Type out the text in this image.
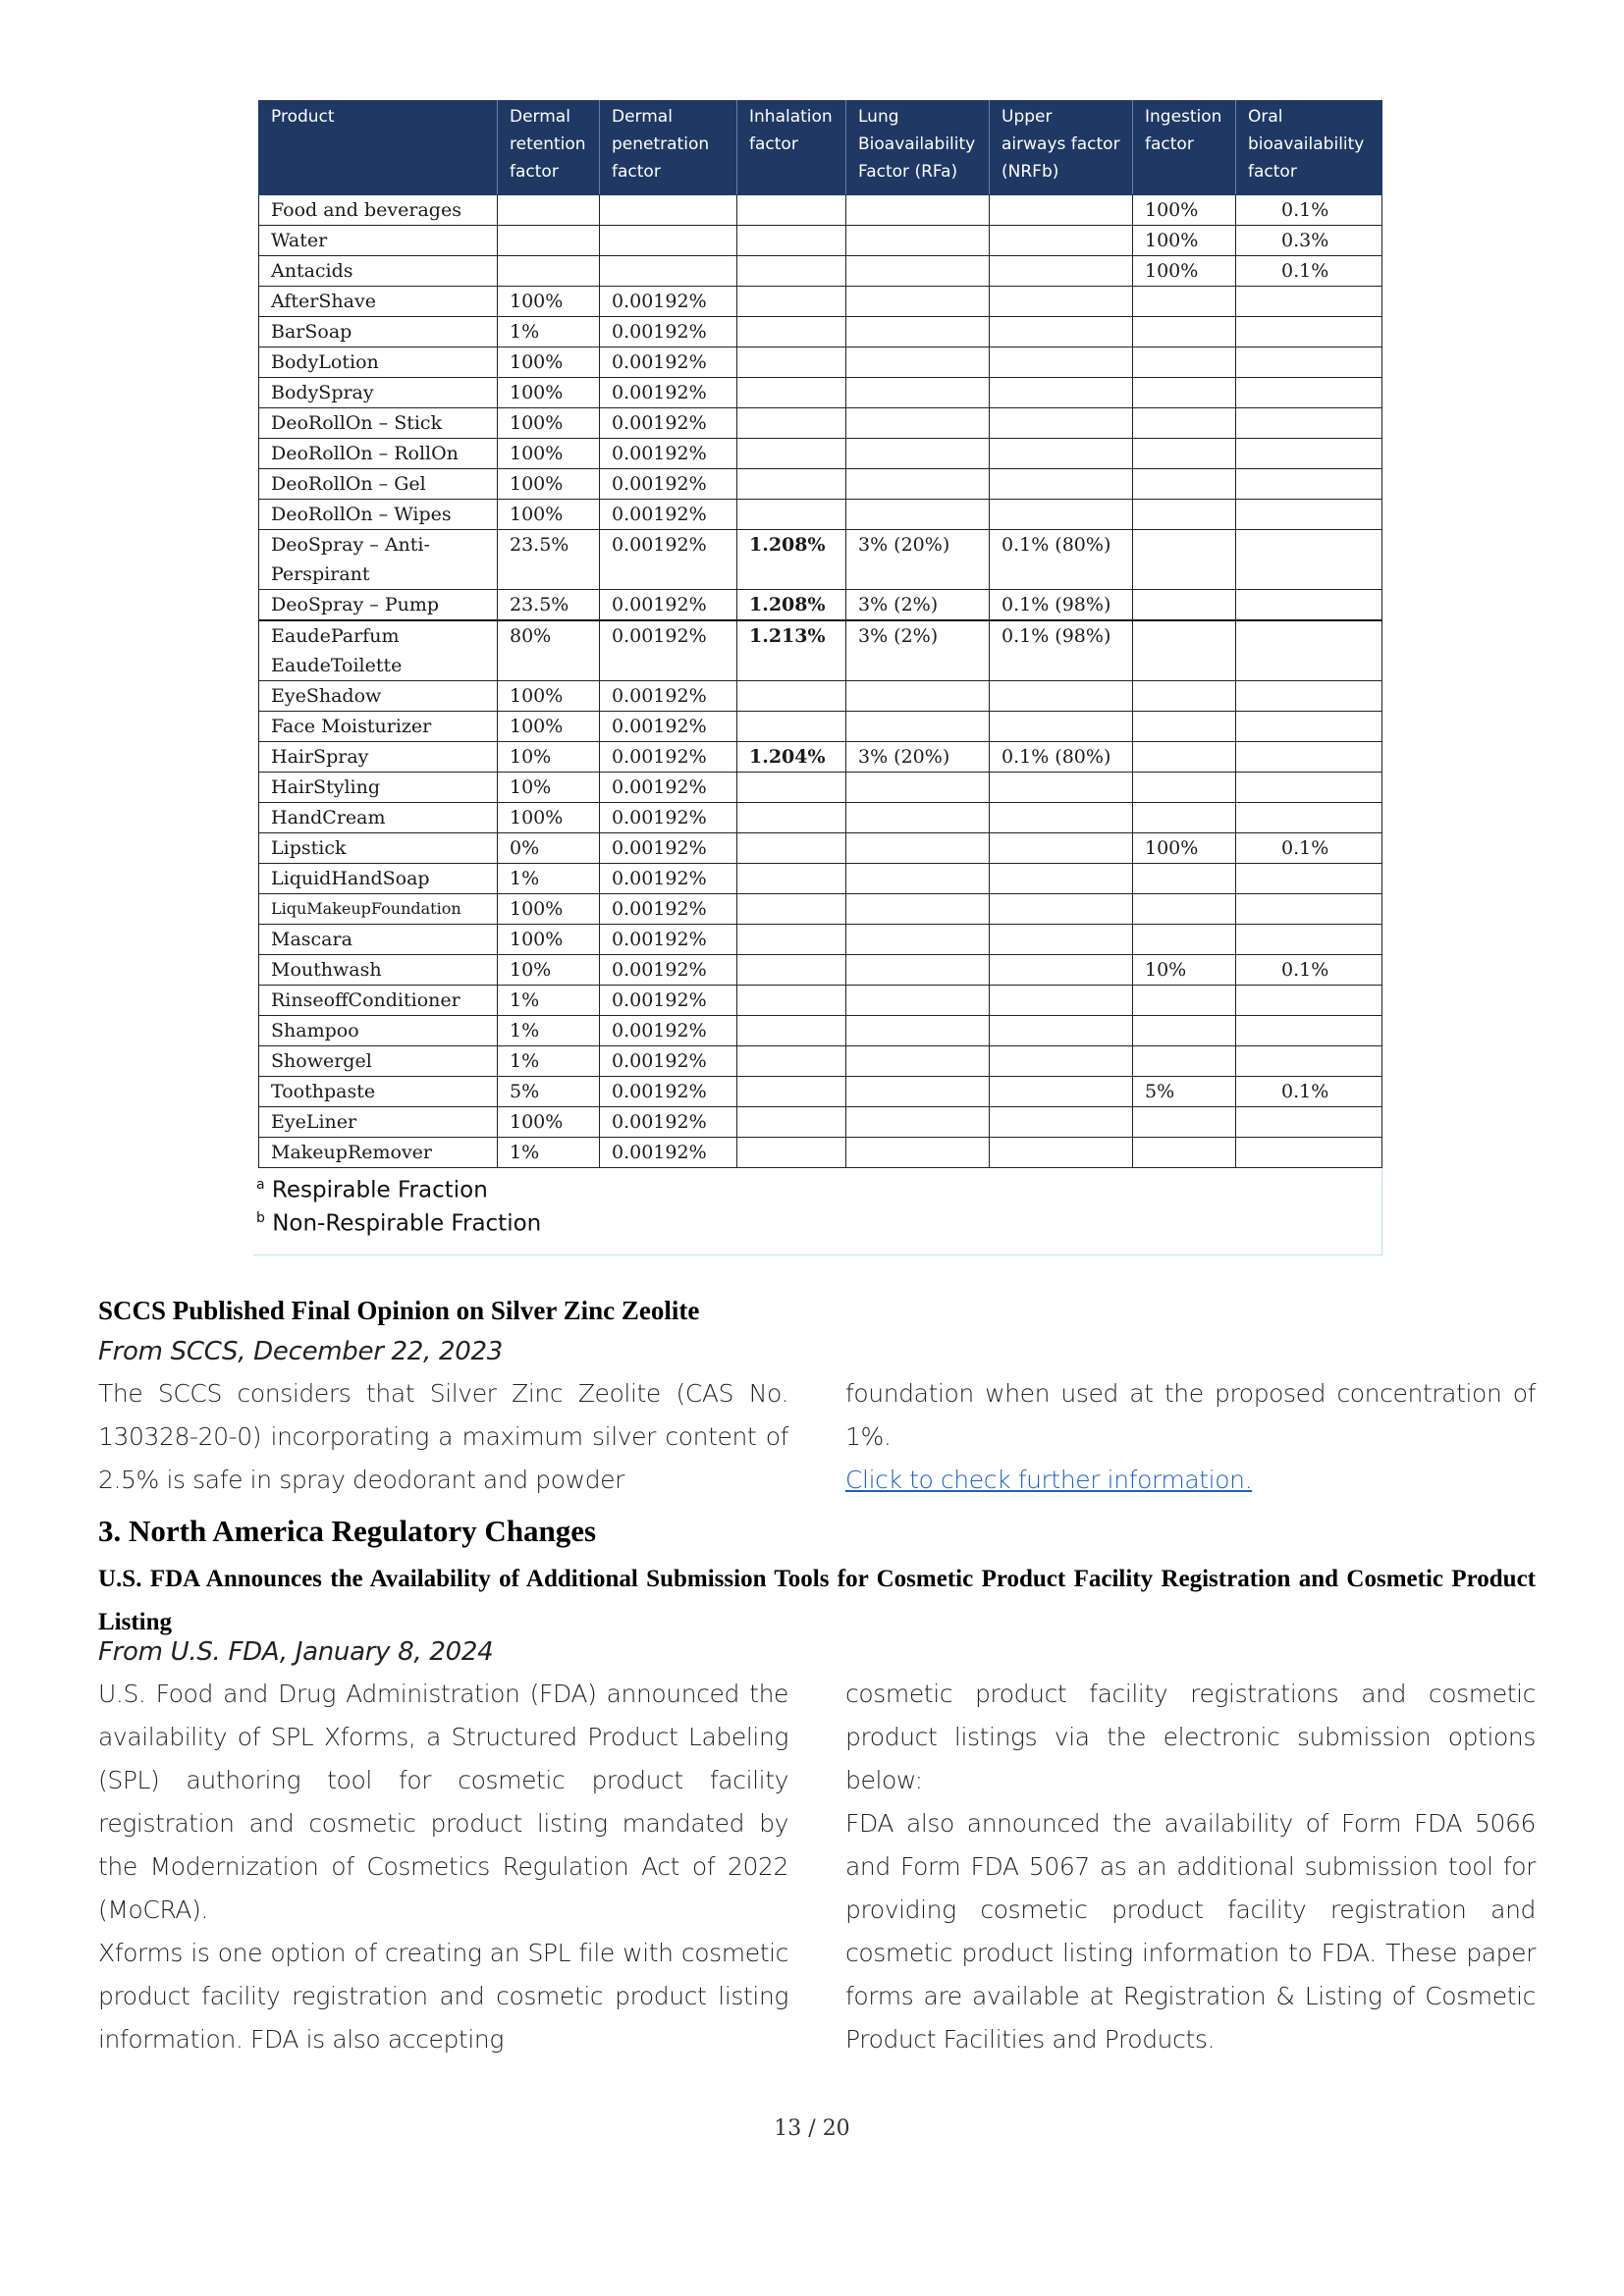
Product	Dermal retention factor	Dermal penetration factor	Inhalation factor	Lung Bioavailability Factor (RFa)	Upper airways factor (NRFb)	Ingestion factor	Oral bioavailability factor
Food and beverages						100%	0.1%
Water						100%	0.3%
Antacids						100%	0.1%
AfterShave	100%	0.00192%					
BarSoap	1%	0.00192%					
BodyLotion	100%	0.00192%					
BodySpray	100%	0.00192%					
DeoRollOn – Stick	100%	0.00192%					
DeoRollOn – RollOn	100%	0.00192%					
DeoRollOn – Gel	100%	0.00192%					
DeoRollOn – Wipes	100%	0.00192%					
DeoSpray – Anti-Perspirant	23.5%	0.00192%	1.208%	3% (20%)	0.1% (80%)		
DeoSpray – Pump	23.5%	0.00192%	1.208%	3% (2%)	0.1% (98%)		
EaudeParfum EaudeToilette	80%	0.00192%	1.213%	3% (2%)	0.1% (98%)		
EyeShadow	100%	0.00192%					
Face Moisturizer	100%	0.00192%					
HairSpray	10%	0.00192%	1.204%	3% (20%)	0.1% (80%)		
HairStyling	10%	0.00192%					
HandCream	100%	0.00192%					
Lipstick	0%	0.00192%				100%	0.1%
LiquidHandSoap	1%	0.00192%					
LiquMakeupFoundation	100%	0.00192%					
Mascara	100%	0.00192%					
Mouthwash	10%	0.00192%				10%	0.1%
RinseoffConditioner	1%	0.00192%					
Shampoo	1%	0.00192%					
Showergel	1%	0.00192%					
Toothpaste	5%	0.00192%				5%	0.1%
EyeLiner	100%	0.00192%					
MakeupRemover	1%	0.00192%					
$^a$ Respirable Fraction
$^b$ Non-Respirable Fraction
SCCS Published Final Opinion on Silver Zinc Zeolite
From SCCS, December 22, 2023

The SCCS considers that Silver Zinc Zeolite (CAS No. 130328-20-0) incorporating a maximum silver content of 2.5% is safe in spray deodorant and powder

foundation when used at the proposed concentration of 1%.

Click to check further information.

3. North America Regulatory Changes
U.S. FDA Announces the Availability of Additional Submission Tools for Cosmetic Product Facility Registration and Cosmetic Product Listing
From U.S. FDA, January 8, 2024

U.S. Food and Drug Administration (FDA) announced the availability of SPL Xforms, a Structured Product Labeling (SPL) authoring tool for cosmetic product facility registration and cosmetic product listing mandated by the Modernization of Cosmetics Regulation Act of 2022 (MoCRA).

Xforms is one option of creating an SPL file with cosmetic product facility registration and cosmetic product listing information. FDA is also accepting

cosmetic product facility registrations and cosmetic product listings via the electronic submission options below:

FDA also announced the availability of Form FDA 5066 and Form FDA 5067 as an additional submission tool for providing cosmetic product facility registration and cosmetic product listing information to FDA. These paper forms are available at Registration & Listing of Cosmetic Product Facilities and Products.

13 / 20
